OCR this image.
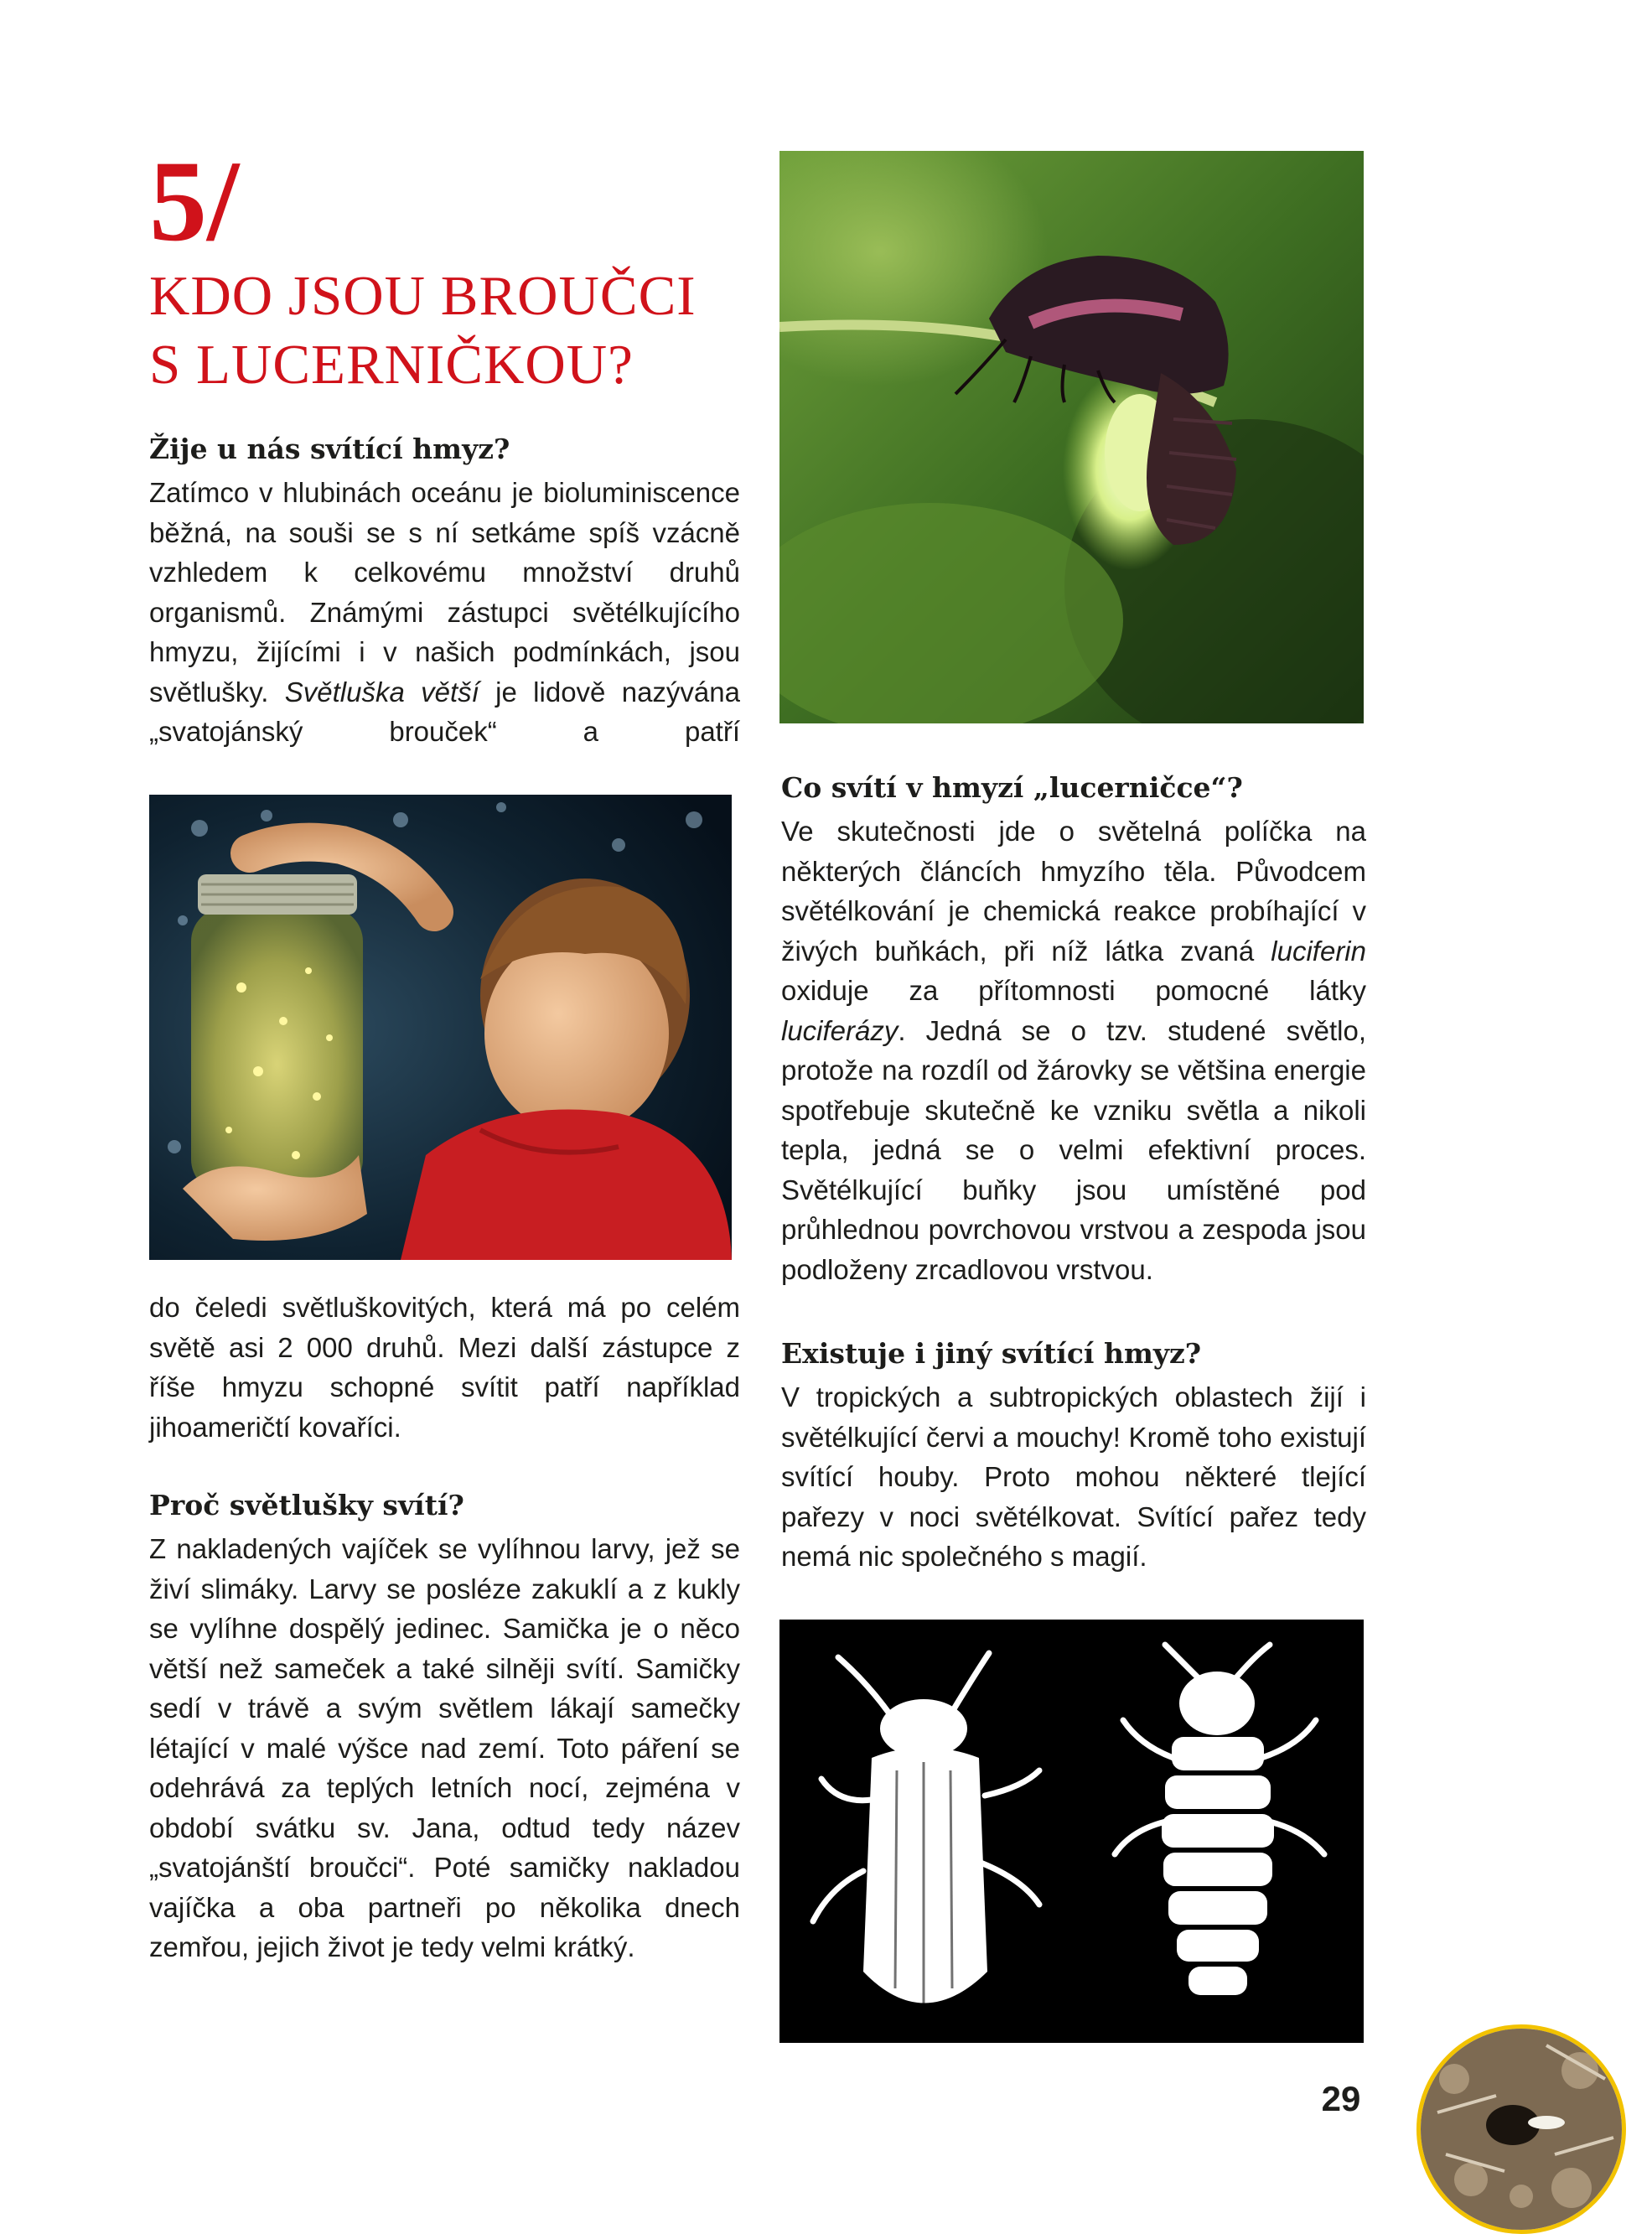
5/
KDO JSOU BROUČCI
S LUCERNIČKOU?
Žije u nás svítící hmyz?

Zatímco v hlubinách oceánu je bioluminiscence běžná, na souši se s ní setkáme spíš vzácně vzhledem k celkovému množství druhů organismů. Známými zástupci světélkujícího hmyzu, žijícími i v našich podmínkách, jsou světlušky. Světluška větší je lidově nazývána „svatojánský brouček“ a patří

do čeledi světluškovitých, která má po celém světě asi 2 000 druhů. Mezi další zástupce z říše hmyzu schopné svítit patří například jihoameričtí kovaříci.

Proč světlušky svítí?

Z nakladených vajíček se vylíhnou larvy, jež se živí slimáky. Larvy se posléze zakuklí a z kukly se vylíhne dospělý jedinec. Samička je o něco větší než sameček a také silněji svítí. Samičky sedí v trávě a svým světlem lákají samečky létající v malé výšce nad zemí. Toto páření se odehrává za teplých letních nocí, zejména v období svátku sv. Jana, odtud tedy název „svatojánští broučci“. Poté samičky nakladou vajíčka a oba partneři po několika dnech zemřou, jejich život je tedy velmi krátký.

Co svítí v hmyzí „lucerničce“?

Ve skutečnosti jde o světelná políčka na některých článcích hmyzího těla. Původcem světélkování je chemická reakce probíhající v živých buňkách, při níž látka zvaná luciferin oxiduje za přítomnosti pomocné látky luciferázy. Jedná se o tzv. studené světlo, protože na rozdíl od žárovky se většina energie spotřebuje skutečně ke vzniku světla a nikoli tepla, jedná se o velmi efektivní proces. Světélkující buňky jsou umístěné pod průhlednou povrchovou vrstvou a zespoda jsou podloženy zrcadlovou vrstvou.

Existuje i jiný svítící hmyz?

V tropických a subtropických oblastech žijí i světélkující červi a mouchy! Kromě toho existují svítící houby. Proto mohou některé tlející pařezy v noci světélkovat. Svítící pařez tedy nemá nic společného s magií.

29
